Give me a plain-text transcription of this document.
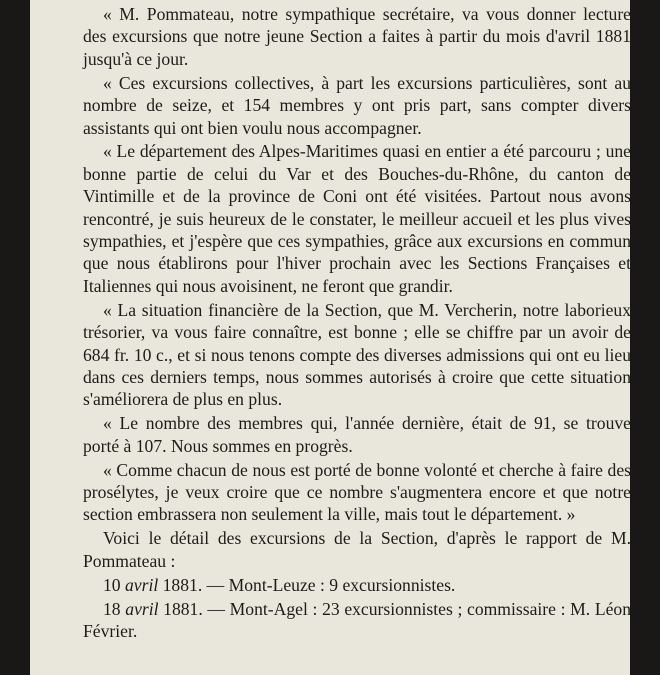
« M. Pommateau, notre sympathique secrétaire, va vous donner lecture des excursions que notre jeune Section a faites à partir du mois d'avril 1881 jusqu'à ce jour.

« Ces excursions collectives, à part les excursions particulières, sont au nombre de seize, et 154 membres y ont pris part, sans compter divers assistants qui ont bien voulu nous accompagner.

« Le département des Alpes-Maritimes quasi en entier a été parcouru ; une bonne partie de celui du Var et des Bouches-du-Rhône, du canton de Vintimille et de la province de Coni ont été visitées. Partout nous avons rencontré, je suis heureux de le constater, le meilleur accueil et les plus vives sympathies, et j'espère que ces sympathies, grâce aux excursions en commun que nous établirons pour l'hiver prochain avec les Sections Françaises et Italiennes qui nous avoisinent, ne feront que grandir.

« La situation financière de la Section, que M. Vercherin, notre laborieux trésorier, va vous faire connaître, est bonne ; elle se chiffre par un avoir de 684 fr. 10 c., et si nous tenons compte des diverses admissions qui ont eu lieu dans ces derniers temps, nous sommes autorisés à croire que cette situation s'améliorera de plus en plus.

« Le nombre des membres qui, l'année dernière, était de 91, se trouve porté à 107. Nous sommes en progrès.

« Comme chacun de nous est porté de bonne volonté et cherche à faire des prosélytes, je veux croire que ce nombre s'augmentera encore et que notre section embrassera non seulement la ville, mais tout le département. »

Voici le détail des excursions de la Section, d'après le rapport de M. Pommateau :

10 avril 1881. — Mont-Leuze : 9 excursionnistes.

18 avril 1881. — Mont-Agel : 23 excursionnistes ; commissaire : M. Léon Février.
